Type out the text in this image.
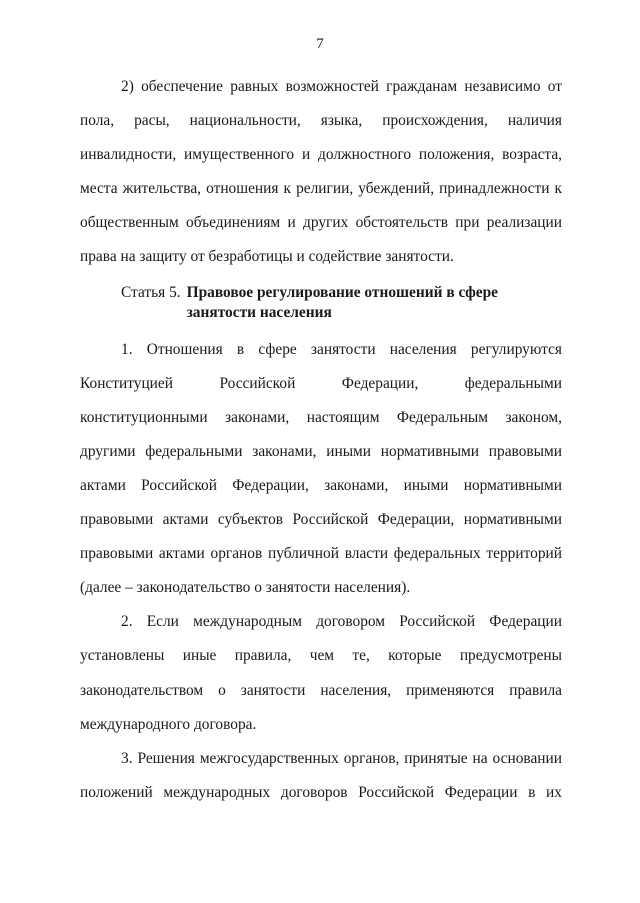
7

2) обеспечение равных возможностей гражданам независимо от пола, расы, национальности, языка, происхождения, наличия инвалидности, имущественного и должностного положения, возраста, места жительства, отношения к религии, убеждений, принадлежности к общественным объединениям и других обстоятельств при реализации права на защиту от безработицы и содействие занятости.

Статья 5. Правовое регулирование отношений в сфере занятости населения

1. Отношения в сфере занятости населения регулируются Конституцией Российской Федерации, федеральными конституционными законами, настоящим Федеральным законом, другими федеральными законами, иными нормативными правовыми актами Российской Федерации, законами, иными нормативными правовыми актами субъектов Российской Федерации, нормативными правовыми актами органов публичной власти федеральных территорий (далее – законодательство о занятости населения).

2. Если международным договором Российской Федерации установлены иные правила, чем те, которые предусмотрены законодательством о занятости населения, применяются правила международного договора.

3. Решения межгосударственных органов, принятые на основании положений международных договоров Российской Федерации в их
